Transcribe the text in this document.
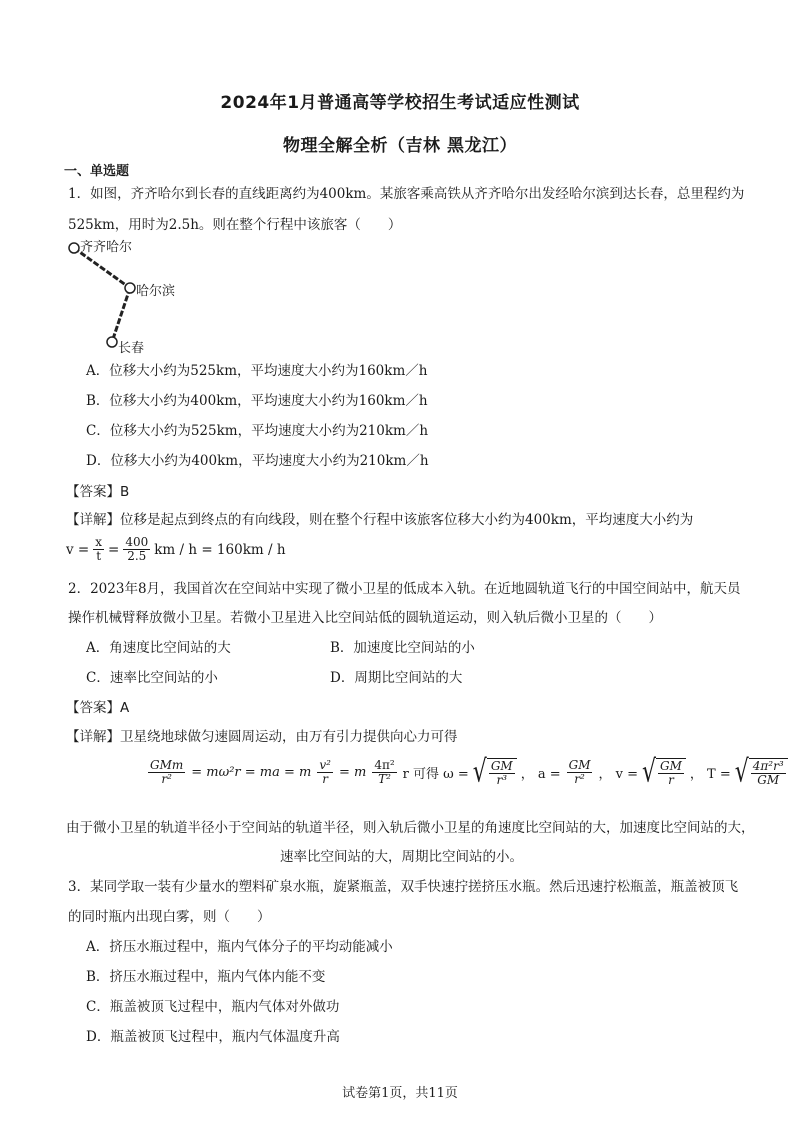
2024年1月普通高等学校招生考试适应性测试
物理全解全析（吉林 黑龙江）
一、单选题
1．如图，齐齐哈尔到长春的直线距离约为400km。某旅客乘高铁从齐齐哈尔出发经哈尔滨到达长春，总里程约为
525km，用时为2.5h。则在整个行程中该旅客（　　）
齐齐哈尔
哈尔滨
长春
A．位移大小约为525km，平均速度大小约为160km／h
B．位移大小约为400km，平均速度大小约为160km／h
C．位移大小约为525km，平均速度大小约为210km／h
D．位移大小约为400km，平均速度大小约为210km／h
【答案】B
【详解】位移是起点到终点的有向线段，则在整个行程中该旅客位移大小约为400km，平均速度大小约为
$v = \frac{x}{t} = \frac{400}{2.5}$ km / h = 160km / h
2．2023年8月，我国首次在空间站中实现了微小卫星的低成本入轨。在近地圆轨道飞行的中国空间站中，航天员
操作机械臂释放微小卫星。若微小卫星进入比空间站低的圆轨道运动，则入轨后微小卫星的（　　）
A．角速度比空间站的大	B．加速度比空间站的小
C．速率比空间站的小	D．周期比空间站的大
【答案】A
【详解】卫星绕地球做匀速圆周运动，由万有引力提供向心力可得
$\frac{\text{GMm}}{\text{r²}} = m\omega^2r$ = ma = m $\frac{\text{v²}}{r} = m \frac{\text{4π²}}{\text{T²}}$ r 可得 ω = √ $\frac{GM}{\text{r³}}$ ， $a = \frac{GM}{\text{r²}}$ ， v = √ $\frac{GM}{r}$ ， T = √ $\frac{\text{4π²r³}}{GM}$
由于微小卫星的轨道半径小于空间站的轨道半径，则入轨后微小卫星的角速度比空间站的大，加速度比空间站的大，
速率比空间站的大，周期比空间站的小。
3．某同学取一装有少量水的塑料矿泉水瓶，旋紧瓶盖，双手快速拧搓挤压水瓶。然后迅速拧松瓶盖，瓶盖被顶飞
的同时瓶内出现白雾，则（　　）
A．挤压水瓶过程中，瓶内气体分子的平均动能减小
B．挤压水瓶过程中，瓶内气体内能不变
C．瓶盖被顶飞过程中，瓶内气体对外做功
D．瓶盖被顶飞过程中，瓶内气体温度升高
试卷第1页，共11页
